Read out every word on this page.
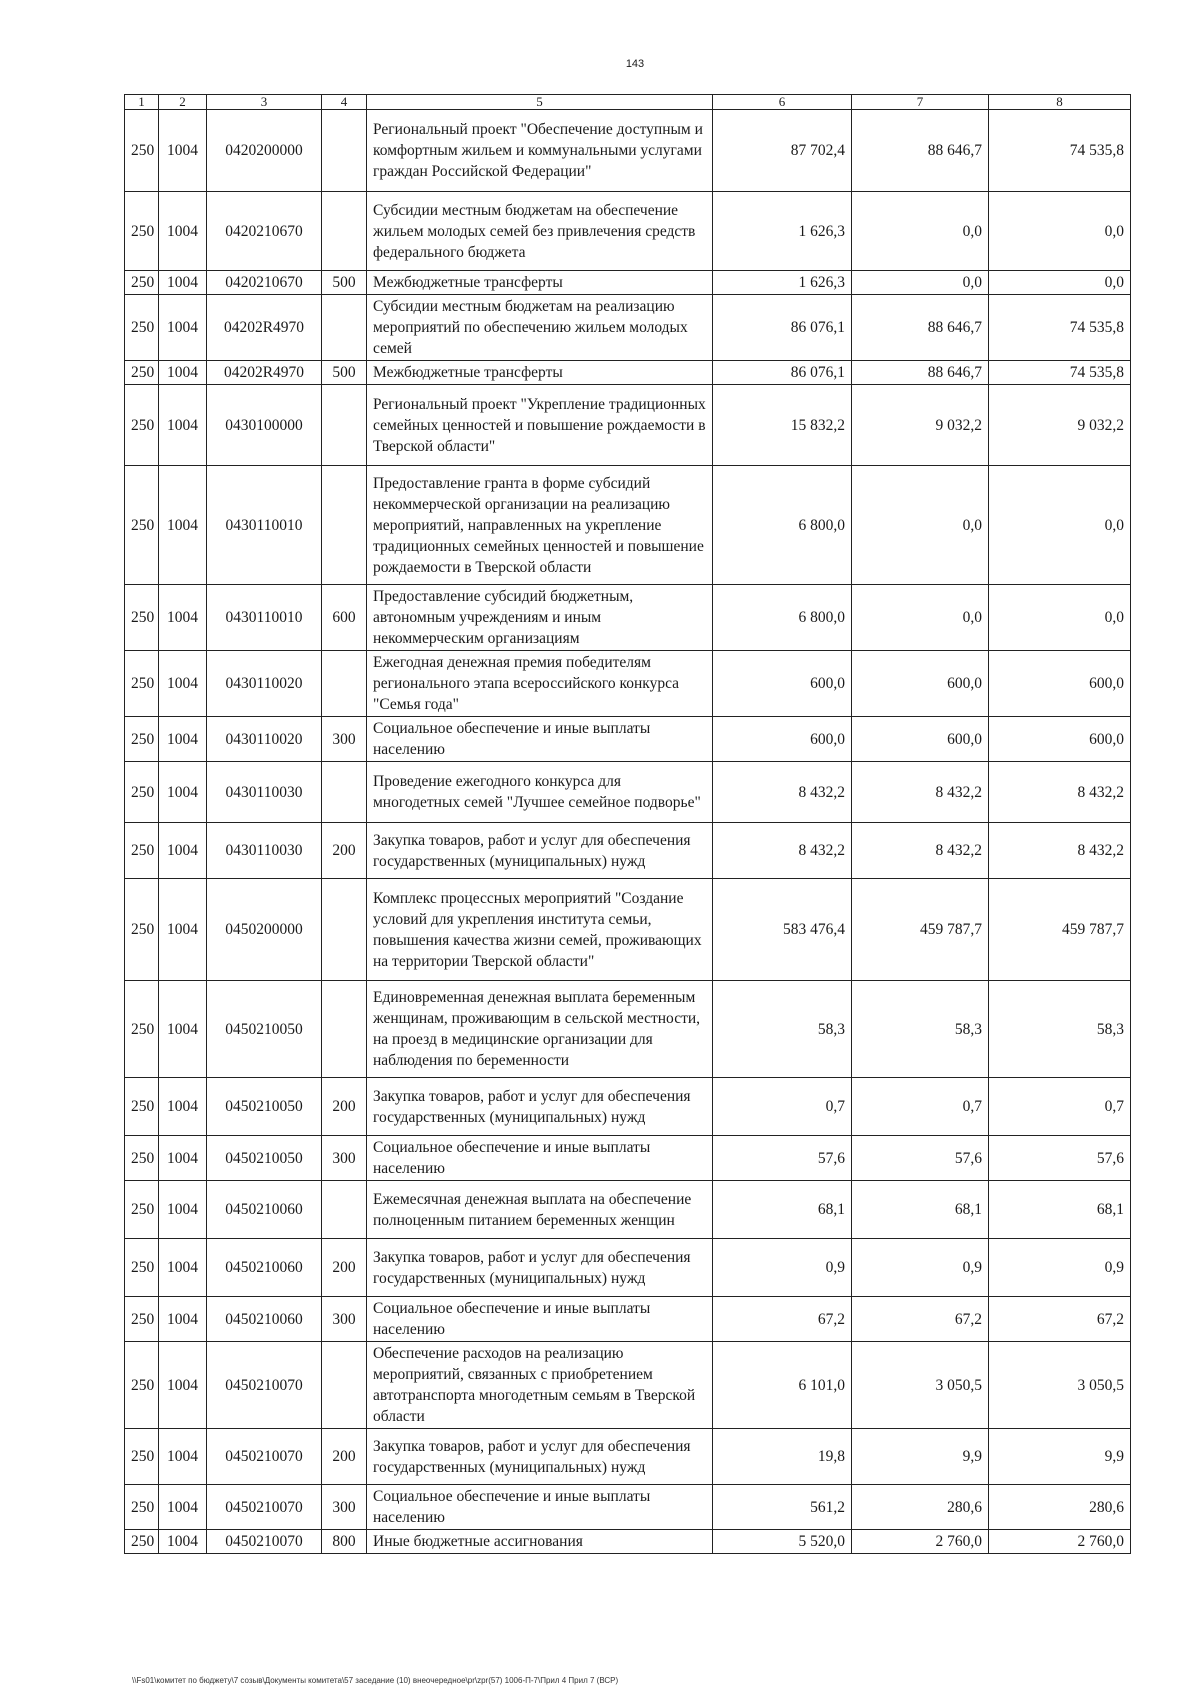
143
1	2	3	4	5	6	7	8
250	1004	0420200000		Региональный проект "Обеспечение доступным и комфортным жильем и коммунальными услугами граждан Российской Федерации"	87 702,4	88 646,7	74 535,8
250	1004	0420210670		Субсидии местным бюджетам на обеспечение жильем молодых семей без привлечения средств федерального бюджета	1 626,3	0,0	0,0
250	1004	0420210670	500	Межбюджетные трансферты	1 626,3	0,0	0,0
250	1004	04202R4970		Субсидии местным бюджетам на реализацию мероприятий по обеспечению жильем молодых семей	86 076,1	88 646,7	74 535,8
250	1004	04202R4970	500	Межбюджетные трансферты	86 076,1	88 646,7	74 535,8
250	1004	0430100000		Региональный проект "Укрепление традиционных семейных ценностей и повышение рождаемости в Тверской области"	15 832,2	9 032,2	9 032,2
250	1004	0430110010		Предоставление гранта в форме субсидий некоммерческой организации на реализацию мероприятий, направленных на укрепление традиционных семейных ценностей и повышение рождаемости в Тверской области	6 800,0	0,0	0,0
250	1004	0430110010	600	Предоставление субсидий бюджетным, автономным учреждениям и иным некоммерческим организациям	6 800,0	0,0	0,0
250	1004	0430110020		Ежегодная денежная премия победителям регионального этапа всероссийского конкурса "Семья года"	600,0	600,0	600,0
250	1004	0430110020	300	Социальное обеспечение и иные выплаты населению	600,0	600,0	600,0
250	1004	0430110030		Проведение ежегодного конкурса для многодетных семей "Лучшее семейное подворье"	8 432,2	8 432,2	8 432,2
250	1004	0430110030	200	Закупка товаров, работ и услуг для обеспечения государственных (муниципальных) нужд	8 432,2	8 432,2	8 432,2
250	1004	0450200000		Комплекс процессных мероприятий "Создание условий для укрепления института семьи, повышения качества жизни семей, проживающих на территории Тверской области"	583 476,4	459 787,7	459 787,7
250	1004	0450210050		Единовременная денежная выплата беременным женщинам, проживающим в сельской местности, на проезд в медицинские организации для наблюдения по беременности	58,3	58,3	58,3
250	1004	0450210050	200	Закупка товаров, работ и услуг для обеспечения государственных (муниципальных) нужд	0,7	0,7	0,7
250	1004	0450210050	300	Социальное обеспечение и иные выплаты населению	57,6	57,6	57,6
250	1004	0450210060		Ежемесячная денежная выплата на обеспечение полноценным питанием беременных женщин	68,1	68,1	68,1
250	1004	0450210060	200	Закупка товаров, работ и услуг для обеспечения государственных (муниципальных) нужд	0,9	0,9	0,9
250	1004	0450210060	300	Социальное обеспечение и иные выплаты населению	67,2	67,2	67,2
250	1004	0450210070		Обеспечение расходов на реализацию мероприятий, связанных с приобретением автотранспорта многодетным семьям в Тверской области	6 101,0	3 050,5	3 050,5
250	1004	0450210070	200	Закупка товаров, работ и услуг для обеспечения государственных (муниципальных) нужд	19,8	9,9	9,9
250	1004	0450210070	300	Социальное обеспечение и иные выплаты населению	561,2	280,6	280,6
250	1004	0450210070	800	Иные бюджетные ассигнования	5 520,0	2 760,0	2 760,0
\\Fs01\комитет по бюджету\7 созыв\Документы комитета\57 заседание (10) внеочередное\pr\zpr(57) 1006-П-7\Прил 4 Прил 7 (ВСР)
